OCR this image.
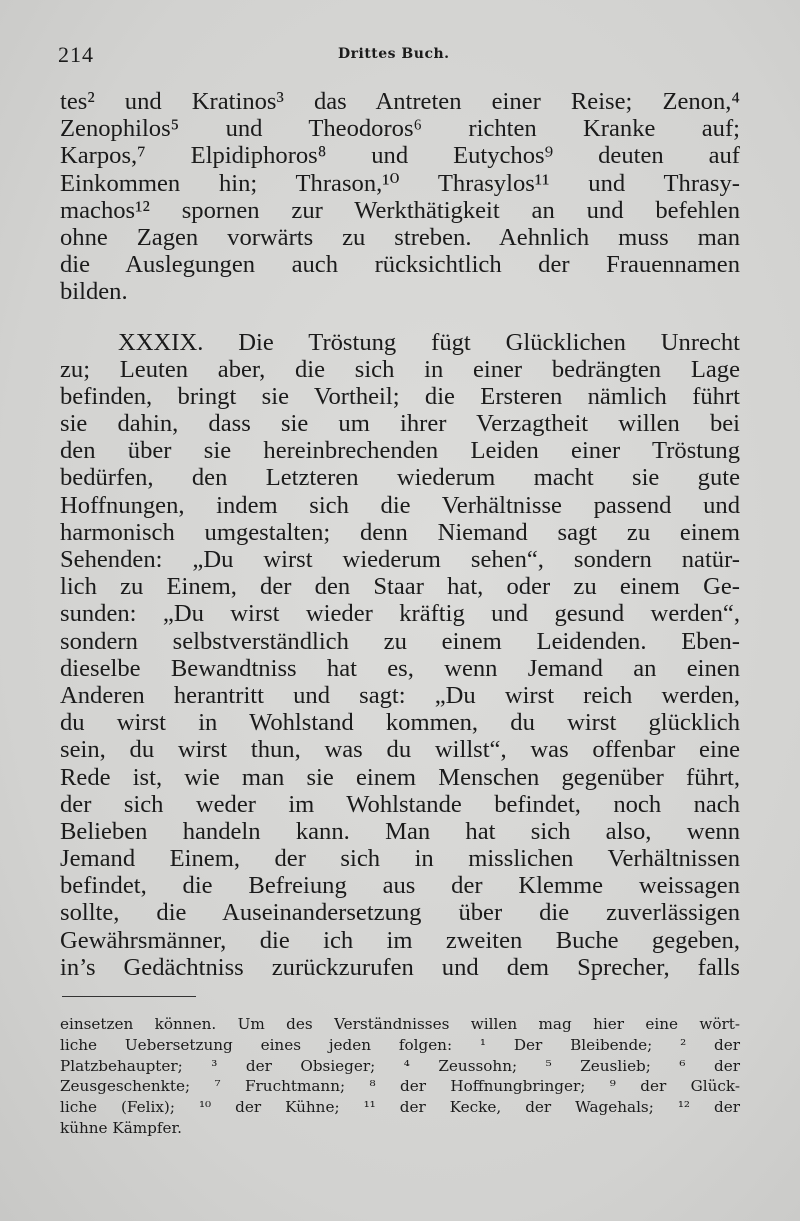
214	Drittes Buch.
tes² und Kratinos³ das Antreten einer Reise; Zenon,⁴
Zenophilos⁵ und Theodoros⁶ richten Kranke auf;
Karpos,⁷ Elpidiphoros⁸ und Eutychos⁹ deuten auf
Einkommen hin; Thrason,¹⁰ Thrasylos¹¹ und Thrasy-
machos¹² spornen zur Werkthätigkeit an und befehlen
ohne Zagen vorwärts zu streben. Aehnlich muss man
die Auslegungen auch rücksichtlich der Frauennamen
bilden.
XXXIX. Die Tröstung fügt Glücklichen Unrecht
zu; Leuten aber, die sich in einer bedrängten Lage
befinden, bringt sie Vortheil; die Ersteren nämlich führt
sie dahin, dass sie um ihrer Verzagtheit willen bei
den über sie hereinbrechenden Leiden einer Tröstung
bedürfen, den Letzteren wiederum macht sie gute
Hoffnungen, indem sich die Verhältnisse passend und
harmonisch umgestalten; denn Niemand sagt zu einem
Sehenden: „Du wirst wiederum sehen“, sondern natür-
lich zu Einem, der den Staar hat, oder zu einem Ge-
sunden: „Du wirst wieder kräftig und gesund werden“,
sondern selbstverständlich zu einem Leidenden. Eben-
dieselbe Bewandtniss hat es, wenn Jemand an einen
Anderen herantritt und sagt: „Du wirst reich werden,
du wirst in Wohlstand kommen, du wirst glücklich
sein, du wirst thun, was du willst“, was offenbar eine
Rede ist, wie man sie einem Menschen gegenüber führt,
der sich weder im Wohlstande befindet, noch nach
Belieben handeln kann. Man hat sich also, wenn
Jemand Einem, der sich in misslichen Verhältnissen
befindet, die Befreiung aus der Klemme weissagen
sollte, die Auseinandersetzung über die zuverlässigen
Gewährsmänner, die ich im zweiten Buche gegeben,
in’s Gedächtniss zurückzurufen und dem Sprecher, falls
einsetzen können. Um des Verständnisses willen mag hier eine wört-
liche Uebersetzung eines jeden folgen: ¹ Der Bleibende; ² der
Platzbehaupter; ³ der Obsieger; ⁴ Zeussohn; ⁵ Zeuslieb; ⁶ der
Zeusgeschenkte; ⁷ Fruchtmann; ⁸ der Hoffnungbringer; ⁹ der Glück-
liche (Felix); ¹⁰ der Kühne; ¹¹ der Kecke, der Wagehals; ¹² der
kühne Kämpfer.
